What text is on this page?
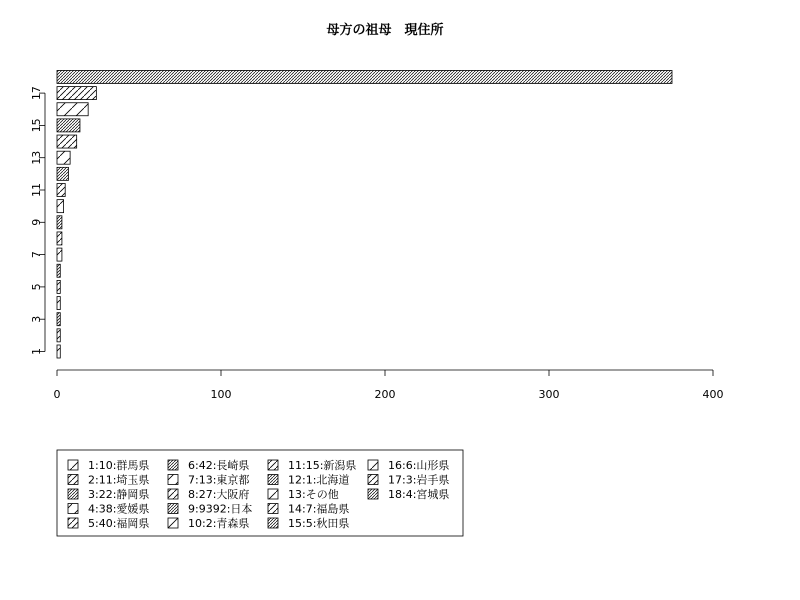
母方の祖母　現住所
0	100	200	300	400
1
3
5
7
9
11
13
15
17
1:10:群馬県
2:11:埼玉県
3:22:静岡県
4:38:愛媛県
5:40:福岡県
6:42:長崎県
7:13:東京都
8:27:大阪府
9:9392:日本
10:2:青森県
11:15:新潟県
12:1:北海道
13:その他
14:7:福島県
15:5:秋田県
16:6:山形県
17:3:岩手県
18:4:宮城県
